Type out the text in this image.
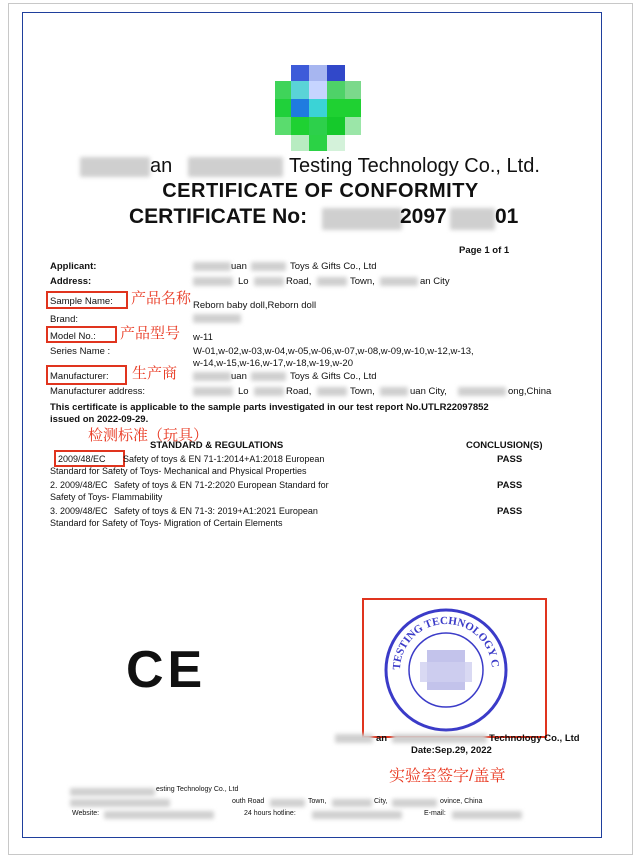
an	Testing Technology Co., Ltd.
CERTIFICATE OF CONFORMITY
CERTIFICATE No:	2097 01
Page 1 of 1
Applicant:	uan	Toys & Gifts Co., Ltd
Address:	Lo	Road,	Town,	an City
Sample Name: 产品名称 Reborn baby doll,Reborn doll
Brand:
Model No.: 产品型号 w-11
Series Name :	W-01,w-02,w-03,w-04,w-05,w-06,w-07,w-08,w-09,w-10,w-12,w-13,
w-14,w-15,w-16,w-17,w-18,w-19,w-20
Manufacturer: 生产商	uan	Toys & Gifts Co., Ltd
Manufacturer address:	Lo	Road,	Town,	uan City,	ong,China
This certificate is applicable to the sample parts investigated in our test report No.UTLR22097852
issued on 2022-09-29.
检测标准（玩具）
STANDARD & REGULATIONS	CONCLUSION(S)
2009/48/EC Safety of toys & EN 71-1:2014+A1:2018 European
Standard for Safety of Toys- Mechanical and Physical Properties
PASS
2. 2009/48/EC Safety of toys & EN 71-2:2020 European Standard for
Safety of Toys- Flammability
PASS
3. 2009/48/EC Safety of toys & EN 71-3: 2019+A1:2021 European
Standard for Safety of Toys- Migration of Certain Elements
PASS
CE	TESTING TECHNOLOGY C
an	Technology Co., Ltd
Date:Sep.29, 2022
实验室签字/盖章
esting Technology Co., Ltd
outh Road	Town,	City,	ovince, China
Website:	24 hours hotline:	E-mail:
